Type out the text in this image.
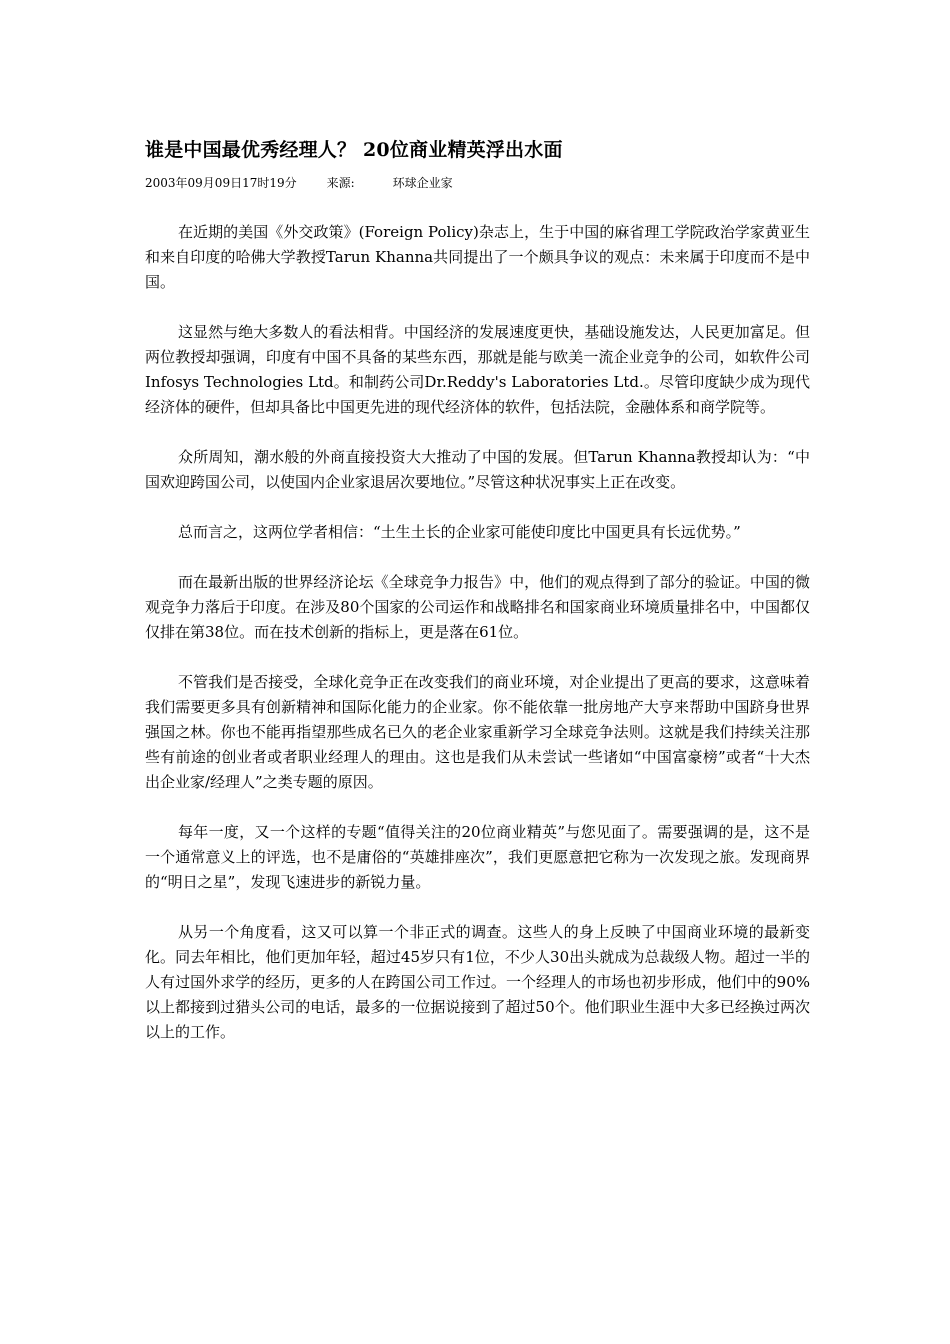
谁是中国最优秀经理人？ 20位商业精英浮出水面
2003年09月09日17时19分	来源:	环球企业家

在近期的美国《外交政策》(Foreign Policy)杂志上，生于中国的麻省理工学院政治学家黄亚生和来自印度的哈佛大学教授Tarun Khanna共同提出了一个颇具争议的观点：未来属于印度而不是中国。

这显然与绝大多数人的看法相背。中国经济的发展速度更快，基础设施发达，人民更加富足。但两位教授却强调，印度有中国不具备的某些东西，那就是能与欧美一流企业竞争的公司，如软件公司Infosys Technologies Ltd。和制药公司Dr.Reddy's Laboratories Ltd.。尽管印度缺少成为现代经济体的硬件，但却具备比中国更先进的现代经济体的软件，包括法院，金融体系和商学院等。

众所周知，潮水般的外商直接投资大大推动了中国的发展。但Tarun Khanna教授却认为：“中国欢迎跨国公司，以使国内企业家退居次要地位。”尽管这种状况事实上正在改变。

总而言之，这两位学者相信：“土生土长的企业家可能使印度比中国更具有长远优势。”

而在最新出版的世界经济论坛《全球竞争力报告》中，他们的观点得到了部分的验证。中国的微观竞争力落后于印度。在涉及80个国家的公司运作和战略排名和国家商业环境质量排名中，中国都仅仅排在第38位。而在技术创新的指标上，更是落在61位。

不管我们是否接受，全球化竞争正在改变我们的商业环境，对企业提出了更高的要求，这意味着我们需要更多具有创新精神和国际化能力的企业家。你不能依靠一批房地产大亨来帮助中国跻身世界强国之林。你也不能再指望那些成名已久的老企业家重新学习全球竞争法则。这就是我们持续关注那些有前途的创业者或者职业经理人的理由。这也是我们从未尝试一些诸如“中国富豪榜”或者“十大杰出企业家/经理人”之类专题的原因。

每年一度，又一个这样的专题“值得关注的20位商业精英”与您见面了。需要强调的是，这不是一个通常意义上的评选，也不是庸俗的“英雄排座次”，我们更愿意把它称为一次发现之旅。发现商界的“明日之星”，发现飞速进步的新锐力量。

从另一个角度看，这又可以算一个非正式的调查。这些人的身上反映了中国商业环境的最新变化。同去年相比，他们更加年轻，超过45岁只有1位，不少人30出头就成为总裁级人物。超过一半的人有过国外求学的经历，更多的人在跨国公司工作过。一个经理人的市场也初步形成，他们中的90%以上都接到过猎头公司的电话，最多的一位据说接到了超过50个。他们职业生涯中大多已经换过两次以上的工作。
